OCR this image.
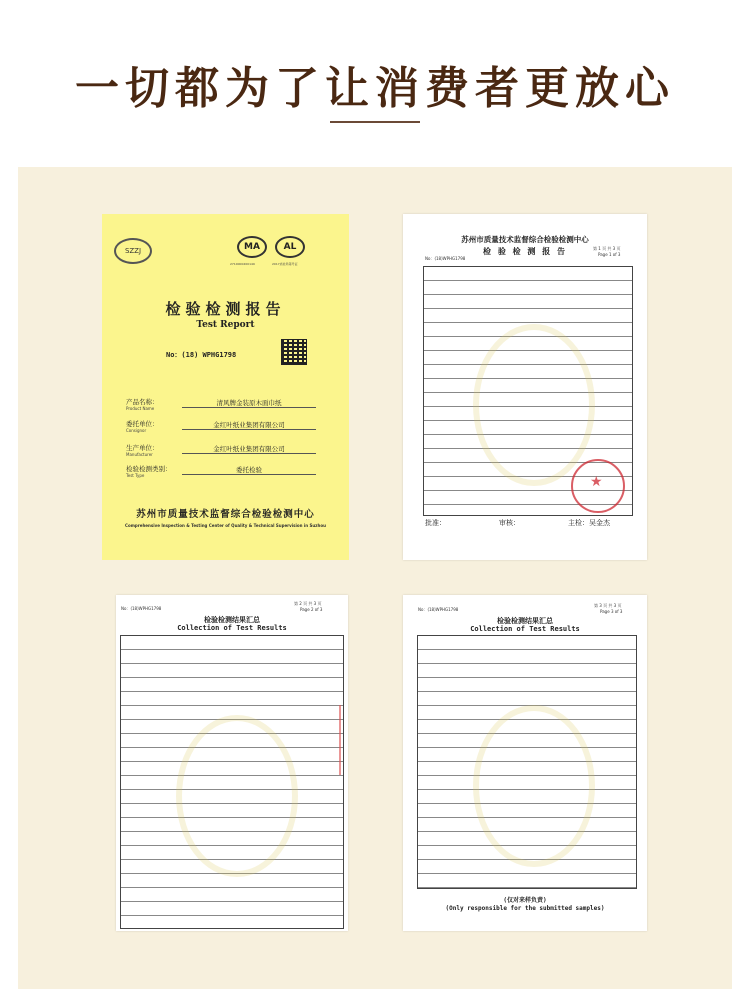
一切都为了让消费者更放心
SZZJ	MA	AL
2710000200149	2017质检局第号证
检验检测报告
Test Report
No：(18) WPHG1798
产品名称：
Product Name
清风牌金装原木面巾纸
委托单位：
Consignor
金红叶纸业集团有限公司
生产单位：
Manufacturer
金红叶纸业集团有限公司
检验检测类别：
Test Type
委托检验
苏州市质量技术监督综合检验检测中心
Comprehensive Inspection & Testing Center of Quality & Technical Supervision in Suzhou
No：(18)WPHG1798
第 1 页 共 3 页
Page 1 of 3
苏州市质量技术监督综合检验检测中心
检 验 检 测 报 告
★
批准：	审核：	主检：吴金杰
No：(18)WPHG1798
第 2 页 共 3 页
Page 2 of 3
检验检测结果汇总
Collection of Test Results
No：(18)WPHG1798
第 3 页 共 3 页
Page 3 of 3
检验检测结果汇总
Collection of Test Results
(仅对来样负责)
(Only responsible for the submitted samples)
